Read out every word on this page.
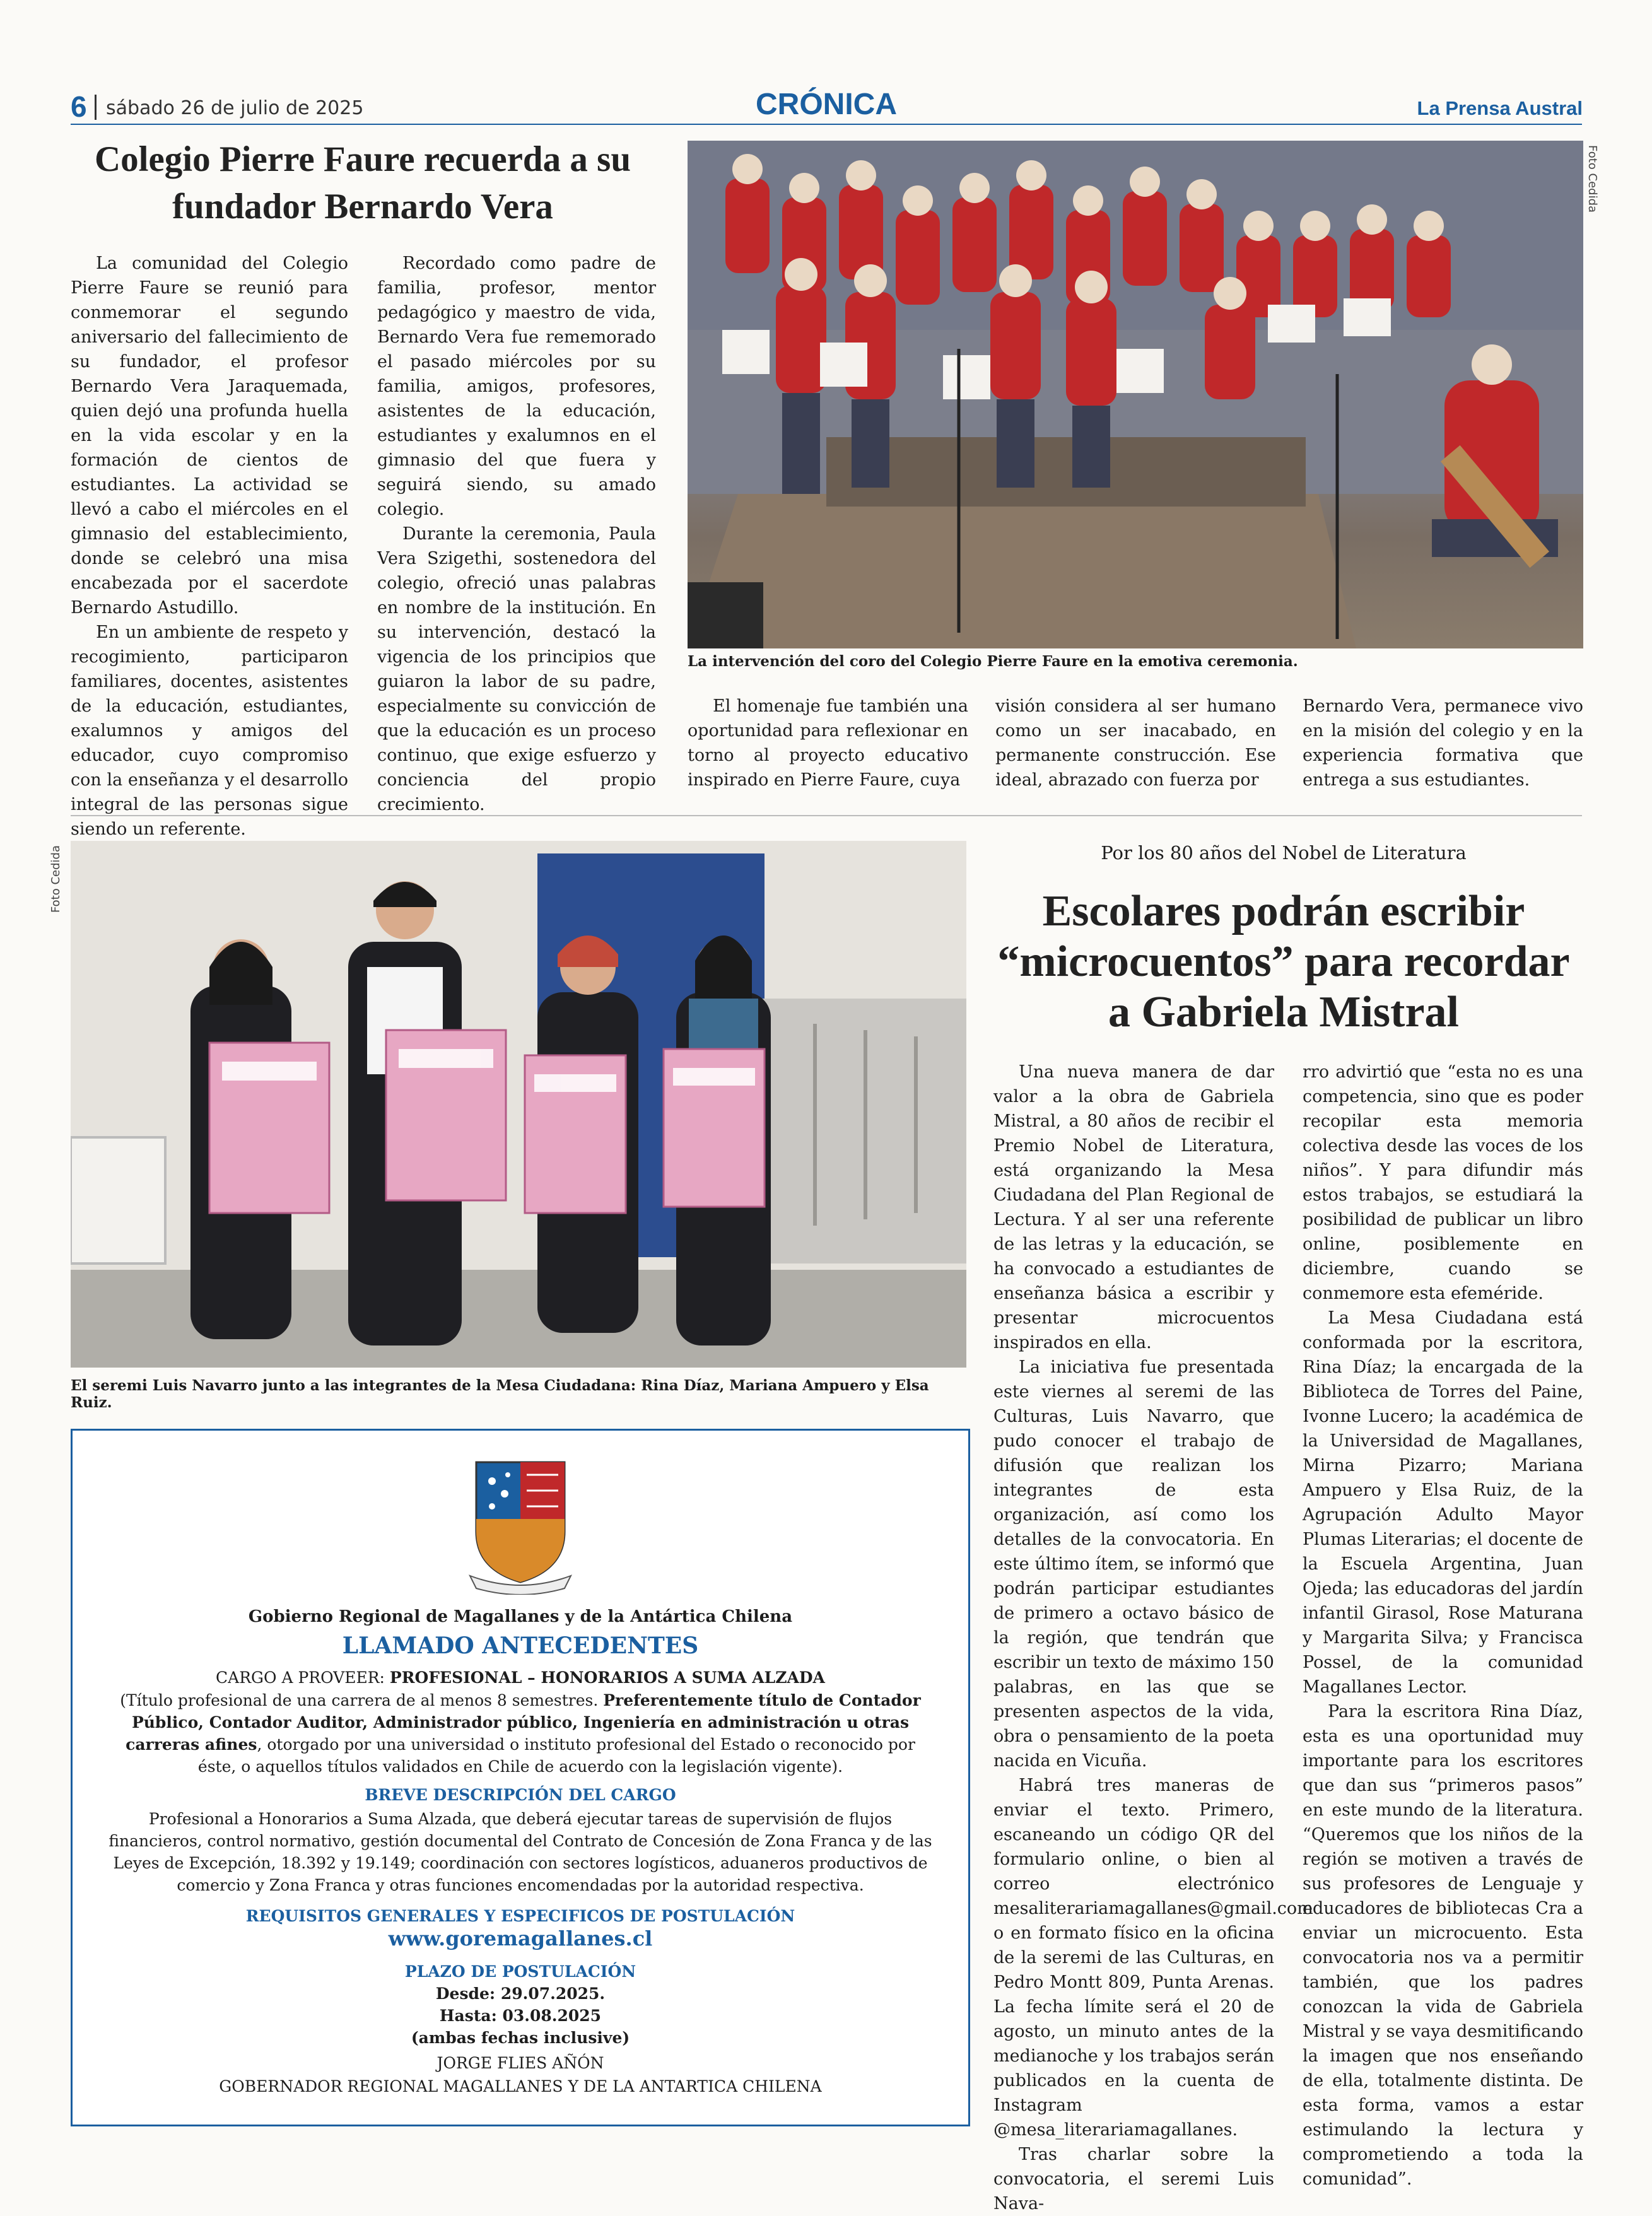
6 sábado 26 de julio de 2025	CRÓNICA	La Prensa Austral
Colegio Pierre Faure recuerda a su fundador Bernardo Vera

La comunidad del Colegio Pierre Faure se reunió para conmemorar el segundo aniversario del fallecimiento de su fundador, el profesor Bernardo Vera Jaraquemada, quien dejó una profunda huella en la vida escolar y en la formación de cientos de estudiantes. La actividad se llevó a cabo el miércoles en el gimnasio del establecimiento, donde se celebró una misa encabezada por el sacerdote Bernardo Astudillo.

En un ambiente de respeto y recogimiento, participaron familiares, docentes, asistentes de la educación, estudiantes, exalumnos y amigos del educador, cuyo compromiso con la enseñanza y el desarrollo integral de las personas sigue siendo un referente.

Recordado como padre de familia, profesor, mentor pedagógico y maestro de vida, Bernardo Vera fue rememorado el pasado miércoles por su familia, amigos, profesores, asistentes de la educación, estudiantes y exalumnos en el gimnasio del que fuera y seguirá siendo, su amado colegio.

Durante la ceremonia, Paula Vera Szigethi, sostenedora del colegio, ofreció unas palabras en nombre de la institución. En su intervención, destacó la vigencia de los principios que guiaron la labor de su padre, especialmente su convicción de que la educación es un proceso continuo, que exige esfuerzo y conciencia del propio crecimiento.

La intervención del coro del Colegio Pierre Faure en la emotiva ceremonia.
Foto Cedida

El homenaje fue también una oportunidad para reflexionar en torno al proyecto educativo inspirado en Pierre Faure, cuya

visión considera al ser humano como un ser inacabado, en permanente construcción. Ese ideal, abrazado con fuerza por

Bernardo Vera, permanece vivo en la misión del colegio y en la experiencia formativa que entrega a sus estudiantes.

El seremi Luis Navarro junto a las integrantes de la Mesa Ciudadana: Rina Díaz, Mariana Ampuero y Elsa Ruiz.
Foto Cedida	Por los 80 años del Nobel de Literatura
Escolares podrán escribir “microcuentos” para recordar a Gabriela Mistral

Una nueva manera de dar valor a la obra de Gabriela Mistral, a 80 años de recibir el Premio Nobel de Literatura, está organizando la Mesa Ciudadana del Plan Regional de Lectura. Y al ser una referente de las letras y la educación, se ha convocado a estudiantes de enseñanza básica a escribir y presentar microcuentos inspirados en ella.

La iniciativa fue presentada este viernes al seremi de las Culturas, Luis Navarro, que pudo conocer el trabajo de difusión que realizan los integrantes de esta organización, así como los detalles de la convocatoria. En este último ítem, se informó que podrán participar estudiantes de primero a octavo básico de la región, que tendrán que escribir un texto de máximo 150 palabras, en las que se presenten aspectos de la vida, obra o pensamiento de la poeta nacida en Vicuña.

Habrá tres maneras de enviar el texto. Primero, escaneando un código QR del formulario online, o bien al correo electrónico mesaliterariamagallanes@gmail.com o en formato físico en la oficina de la seremi de las Culturas, en Pedro Montt 809, Punta Arenas. La fecha límite será el 20 de agosto, un minuto antes de la medianoche y los trabajos serán publicados en la cuenta de Instagram @mesa_literariamagallanes.

Tras charlar sobre la convocatoria, el seremi Luis Nava-

rro advirtió que “esta no es una competencia, sino que es poder recopilar esta memoria colectiva desde las voces de los niños”. Y para difundir más estos trabajos, se estudiará la posibilidad de publicar un libro online, posiblemente en diciembre, cuando se conmemore esta efeméride.

La Mesa Ciudadana está conformada por la escritora, Rina Díaz; la encargada de la Biblioteca de Torres del Paine, Ivonne Lucero; la académica de la Universidad de Magallanes, Mirna Pizarro; Mariana Ampuero y Elsa Ruiz, de la Agrupación Adulto Mayor Plumas Literarias; el docente de la Escuela Argentina, Juan Ojeda; las educadoras del jardín infantil Girasol, Rose Maturana y Margarita Silva; y Francisca Possel, de la comunidad Magallanes Lector.

Para la escritora Rina Díaz, esta es una oportunidad muy importante para los escritores que dan sus “primeros pasos” en este mundo de la literatura. “Queremos que los niños de la región se motiven a través de sus profesores de Lenguaje y educadores de bibliotecas Cra a enviar un microcuento. Esta convocatoria nos va a permitir también, que los padres conozcan la vida de Gabriela Mistral y se vaya desmitificando la imagen que nos enseñando de ella, totalmente distinta. De esta forma, vamos a estar estimulando la lectura y comprometiendo a toda la comunidad”.

Gobierno Regional de Magallanes y de la Antártica Chilena
LLAMADO ANTECEDENTES
CARGO A PROVEER: PROFESIONAL – HONORARIOS A SUMA ALZADA
(Título profesional de una carrera de al menos 8 semestres. Preferentemente título de Contador Público, Contador Auditor, Administrador público, Ingeniería en administración u otras carreras afines, otorgado por una universidad o instituto profesional del Estado o reconocido por éste, o aquellos títulos validados en Chile de acuerdo con la legislación vigente).
BREVE DESCRIPCIÓN DEL CARGO
Profesional a Honorarios a Suma Alzada, que deberá ejecutar tareas de supervisión de flujos financieros, control normativo, gestión documental del Contrato de Concesión de Zona Franca y de las Leyes de Excepción, 18.392 y 19.149; coordinación con sectores logísticos, aduaneros productivos de comercio y Zona Franca y otras funciones encomendadas por la autoridad respectiva.
REQUISITOS GENERALES Y ESPECIFICOS DE POSTULACIÓN
www.goremagallanes.cl
PLAZO DE POSTULACIÓN
Desde: 29.07.2025.
Hasta: 03.08.2025
(ambas fechas inclusive)
JORGE FLIES AÑÓN
GOBERNADOR REGIONAL MAGALLANES Y DE LA ANTARTICA CHILENA
